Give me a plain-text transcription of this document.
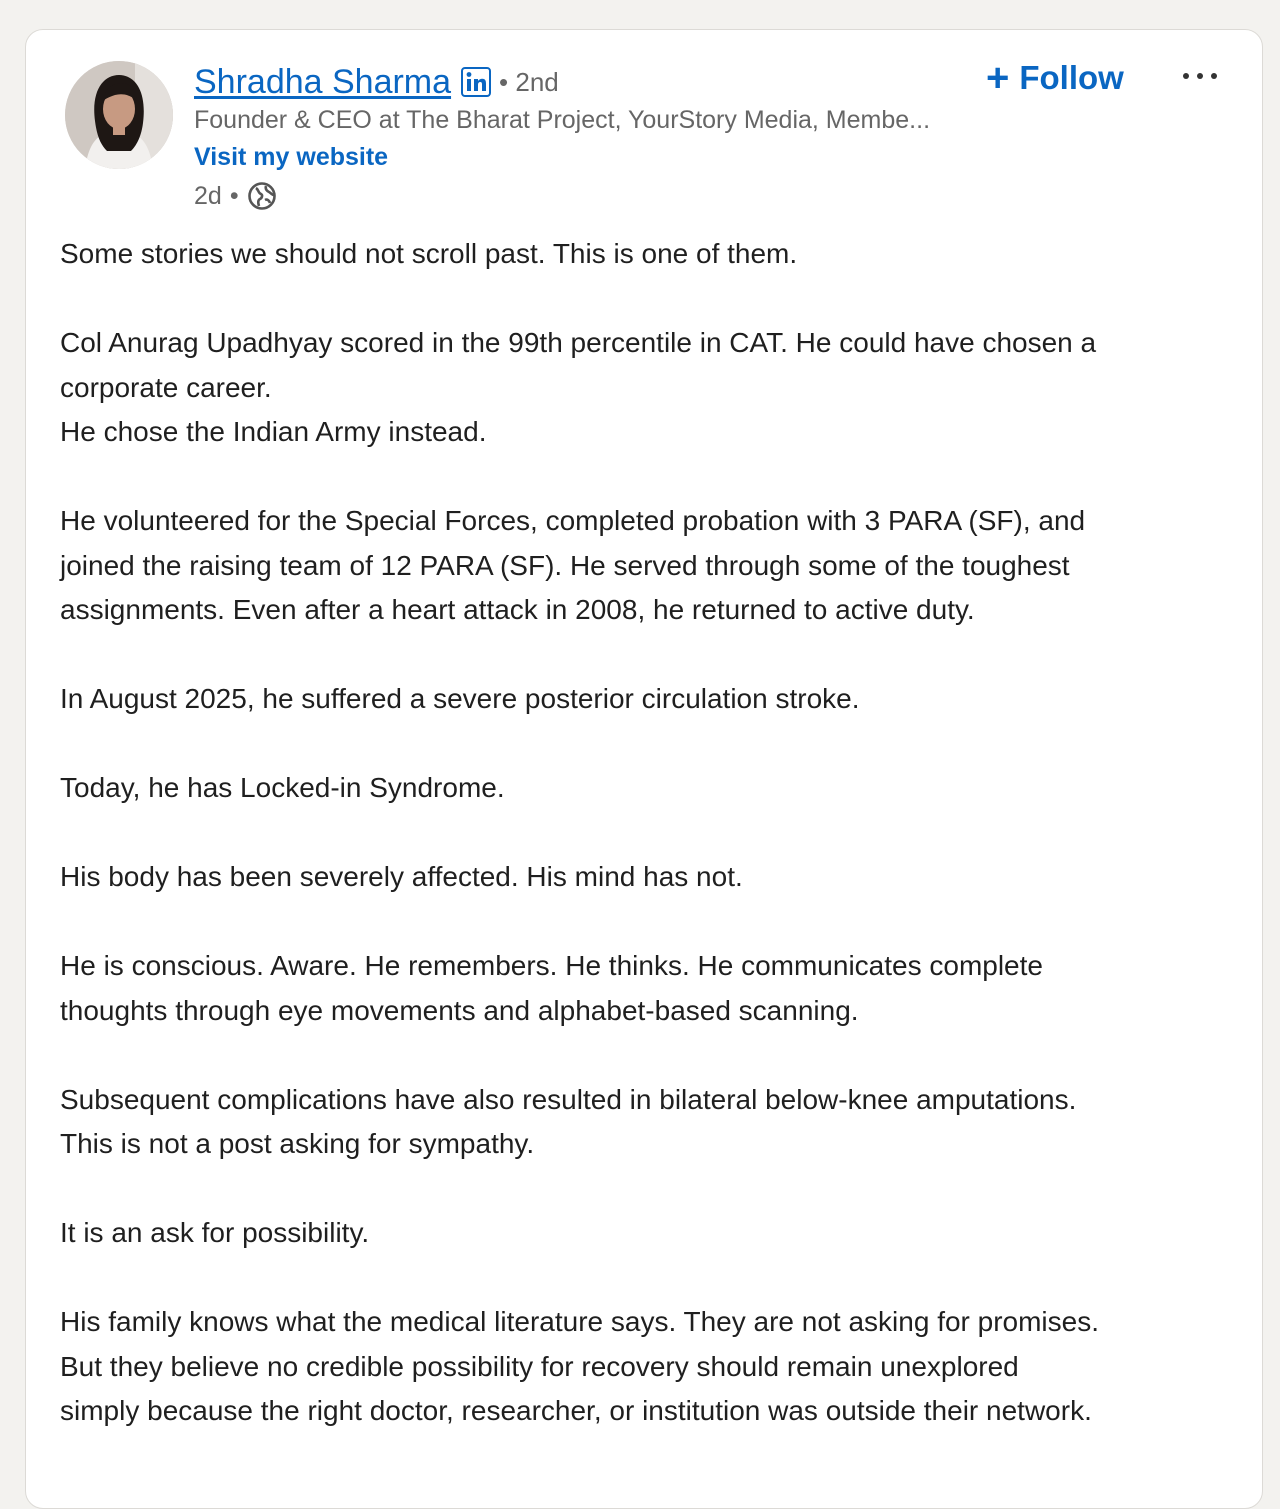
Shradha Sharma • 2nd
Founder & CEO at The Bharat Project, YourStory Media, Membe...
Visit my website
2d •
+ Follow

Some stories we should not scroll past. This is one of them.

Col Anurag Upadhyay scored in the 99th percentile in CAT. He could have chosen a
corporate career.
He chose the Indian Army instead.

He volunteered for the Special Forces, completed probation with 3 PARA (SF), and
joined the raising team of 12 PARA (SF). He served through some of the toughest
assignments. Even after a heart attack in 2008, he returned to active duty.

In August 2025, he suffered a severe posterior circulation stroke.

Today, he has Locked-in Syndrome.

His body has been severely affected. His mind has not.

He is conscious. Aware. He remembers. He thinks. He communicates complete
thoughts through eye movements and alphabet-based scanning.

Subsequent complications have also resulted in bilateral below-knee amputations.
This is not a post asking for sympathy.

It is an ask for possibility.

His family knows what the medical literature says. They are not asking for promises.
But they believe no credible possibility for recovery should remain unexplored
simply because the right doctor, researcher, or institution was outside their network.
